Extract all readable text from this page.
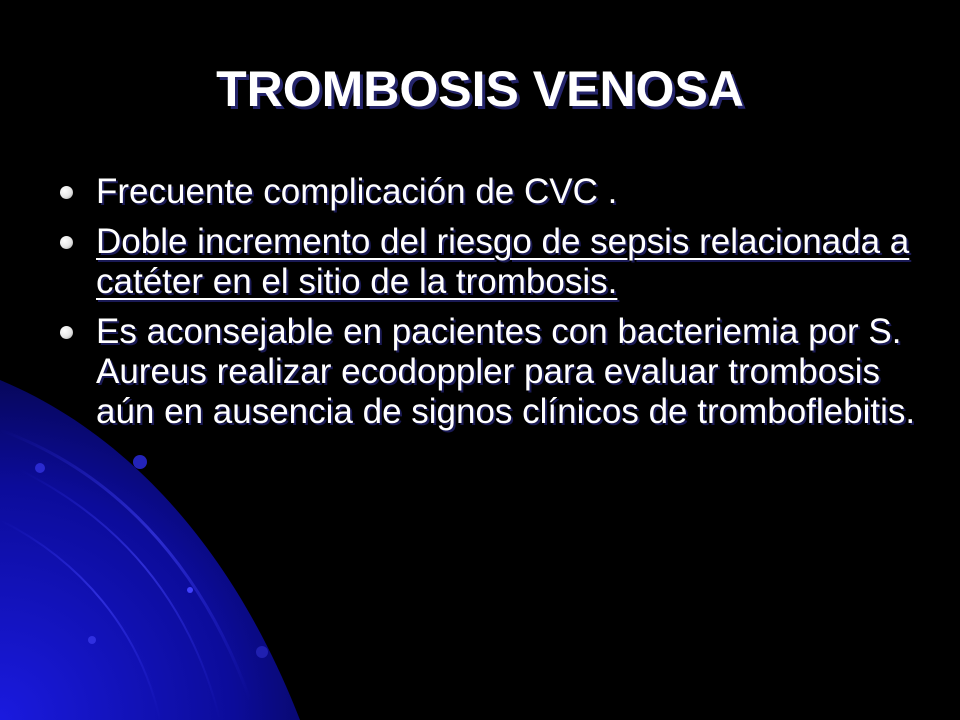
TROMBOSIS VENOSA
Frecuente complicación de CVC .
Doble incremento del riesgo de sepsis relacionada a catéter en el sitio de la trombosis.
Es aconsejable en pacientes con bacteriemia por S. Aureus realizar ecodoppler para evaluar trombosis aún en ausencia de signos clínicos de tromboflebitis.
